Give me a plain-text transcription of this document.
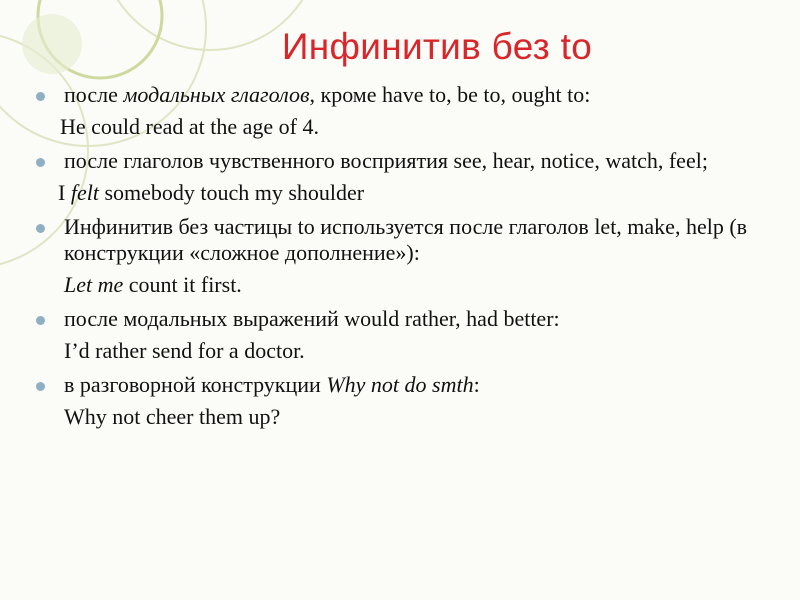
Инфинитив без to
после модальных глаголов, кроме have to, be to, ought to:
He could read at the age of 4.
после глаголов чувственного восприятия see, hear, notice, watch, feel;
I felt somebody touch my shoulder
Инфинитив без частицы to используется после глаголов let, make, help (в конструкции «сложное дополнение»):
Let me count it first.
после модальных выражений would rather, had better:
I’d rather send for a doctor.
в разговорной конструкции Why not do smth:
Why not cheer them up?
